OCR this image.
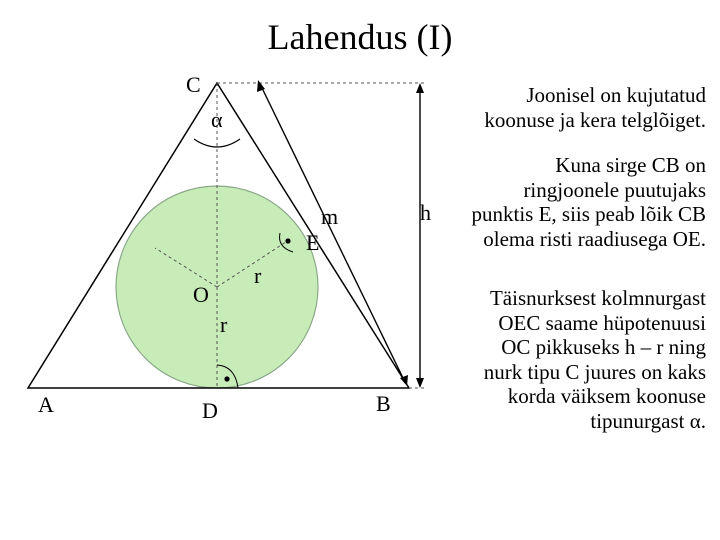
Lahendus (I)
C
α
m
E
r
O
r
A	D	B
h
Joonisel on kujutatud
koonuse ja kera telglõiget.
Kuna sirge CB on
ringjoonele puutujaks
punktis E, siis peab lõik CB
olema risti raadiusega OE.
Täisnurksest kolmnurgast
OEC saame hüpotenuusi
OC pikkuseks h – r ning
nurk tipu C juures on kaks
korda väiksem koonuse
tipunurgast α.
